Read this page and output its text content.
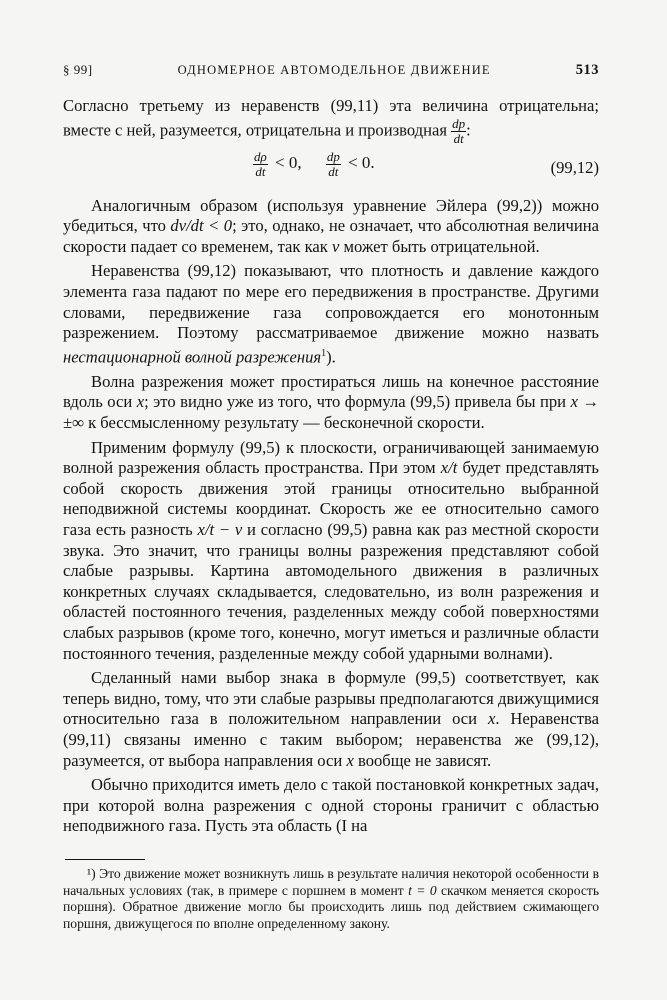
§ 99]	ОДНОМЕРНОЕ АВТОМОДЕЛЬНОЕ ДВИЖЕНИЕ	513

Согласно третьему из неравенств (99,11) эта величина отрицательна; вместе с ней, разумеется, отрицательна и производная $\frac{dp}{dt}$ :

$\frac{d\rho}{dt} < 0$, $\frac{dp}{dt} < 0$.	(99,12)

Аналогичным образом (используя уравнение Эйлера (99,2)) можно убедиться, что dv/dt < 0; это, однако, не означает, что абсолютная величина скорости падает со временем, так как v может быть отрицательной.

Неравенства (99,12) показывают, что плотность и давление каждого элемента газа падают по мере его передвижения в пространстве. Другими словами, передвижение газа сопровождается его монотонным разрежением. Поэтому рассматриваемое движение можно назвать нестационарной волной разрежения$^1$).

Волна разрежения может простираться лишь на конечное расстояние вдоль оси x; это видно уже из того, что формула (99,5) привела бы при x → ±∞ к бессмысленному результату — бесконечной скорости.

Применим формулу (99,5) к плоскости, ограничивающей занимаемую волной разрежения область пространства. При этом x/t будет представлять собой скорость движения этой границы относительно выбранной неподвижной системы координат. Скорость же ее относительно самого газа есть разность x/t − v и согласно (99,5) равна как раз местной скорости звука. Это значит, что границы волны разрежения представляют собой слабые разрывы. Картина автомодельного движения в различных конкретных случаях складывается, следовательно, из волн разрежения и областей постоянного течения, разделенных между собой поверхностями слабых разрывов (кроме того, конечно, могут иметься и различные области постоянного течения, разделенные между собой ударными волнами).

Сделанный нами выбор знака в формуле (99,5) соответствует, как теперь видно, тому, что эти слабые разрывы предполагаются движущимися относительно газа в положительном направлении оси x. Неравенства (99,11) связаны именно с таким выбором; неравенства же (99,12), разумеется, от выбора направления оси x вообще не зависят.

Обычно приходится иметь дело с такой постановкой конкретных задач, при которой волна разрежения с одной стороны граничит с областью неподвижного газа. Пусть эта область (I на

¹) Это движение может возникнуть лишь в результате наличия некоторой особенности в начальных условиях (так, в примере с поршнем в момент t = 0 скачком меняется скорость поршня). Обратное движение могло бы происходить лишь под действием сжимающего поршня, движущегося по вполне определенному закону.
